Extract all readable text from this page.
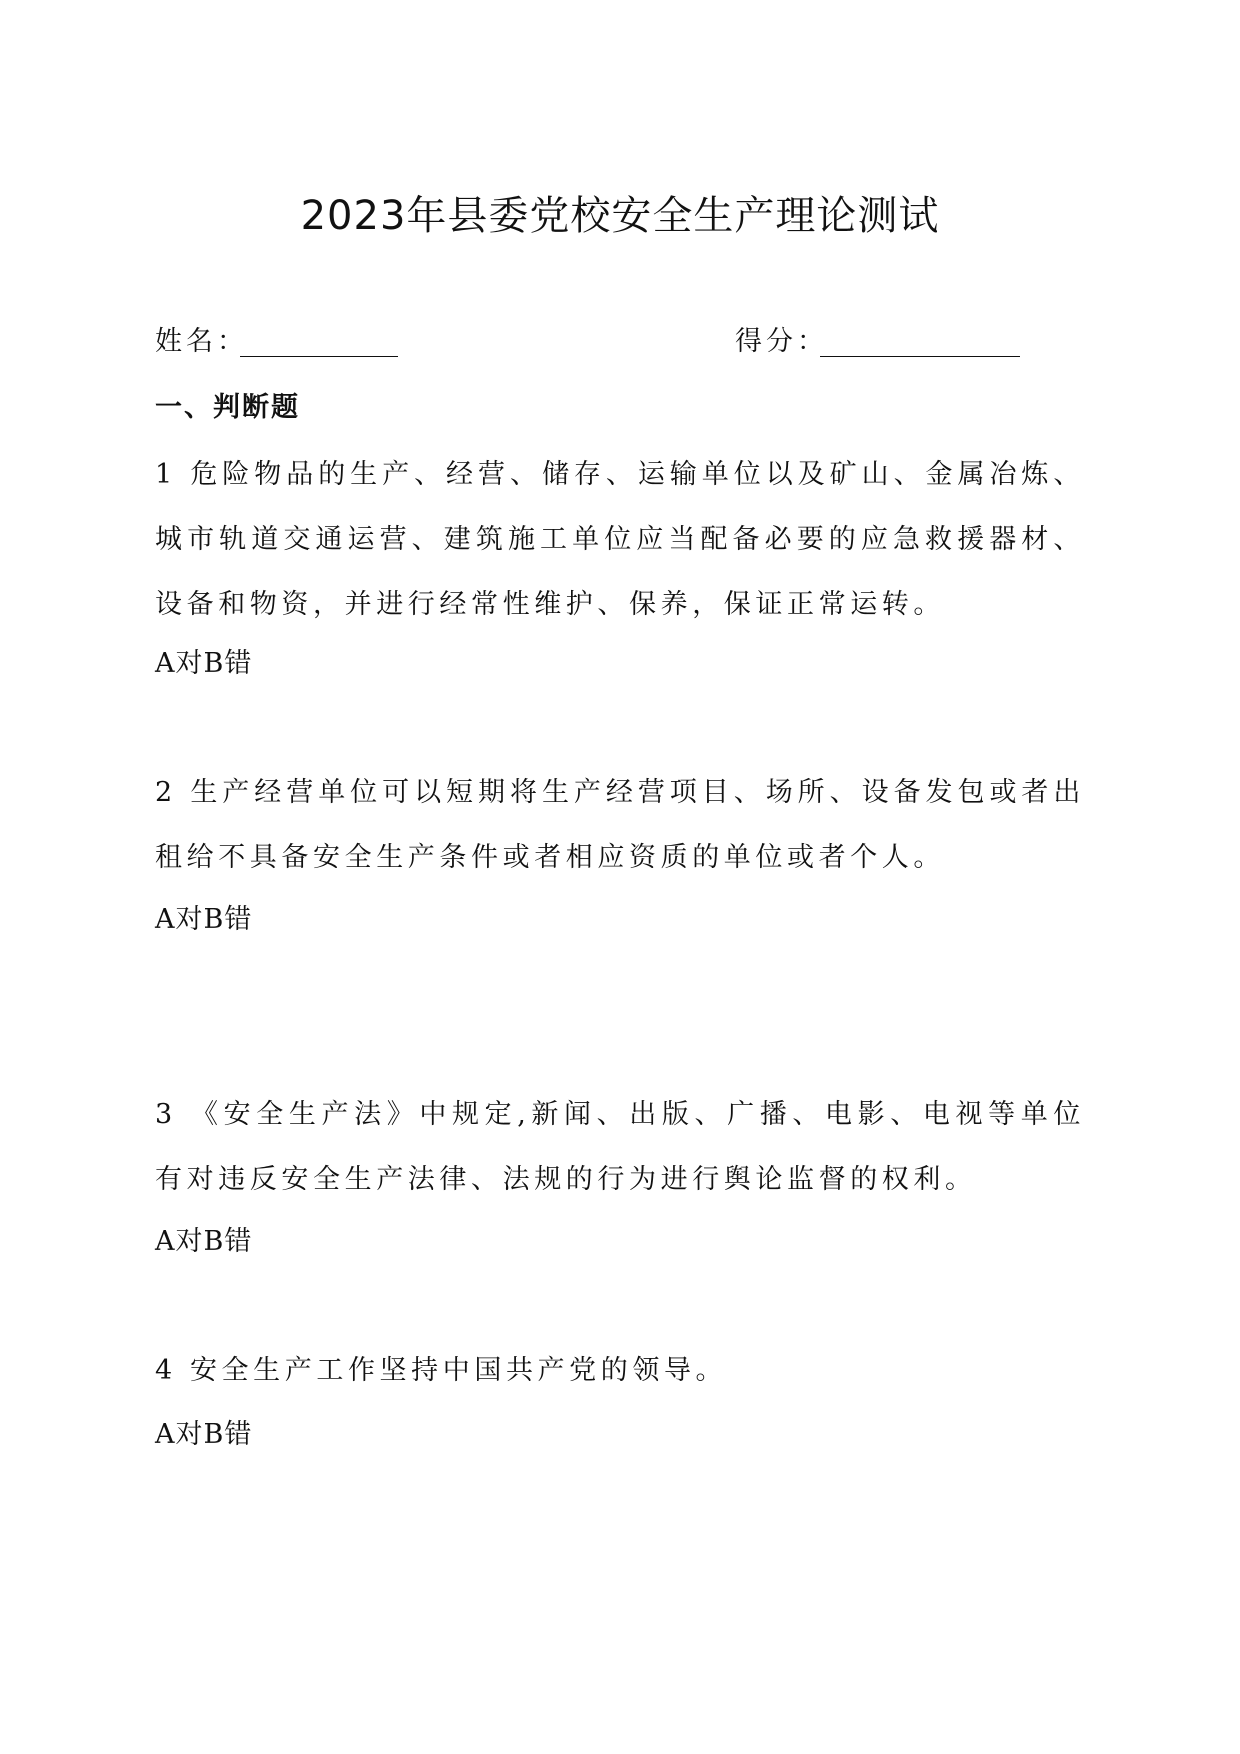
2023年县委党校安全生产理论测试
姓名：	得分：
一、判断题
1 危险物品的生产、经营、储存、运输单位以及矿山、金属冶炼、城市轨道交通运营、建筑施工单位应当配备必要的应急救援器材、设备和物资，并进行经常性维护、保养，保证正常运转。
A对B错
2 生产经营单位可以短期将生产经营项目、场所、设备发包或者出租给不具备安全生产条件或者相应资质的单位或者个人。
A对B错
3 《安全生产法》中规定,新闻、出版、广播、电影、电视等单位有对违反安全生产法律、法规的行为进行舆论监督的权利。
A对B错
4 安全生产工作坚持中国共产党的领导。
A对B错
